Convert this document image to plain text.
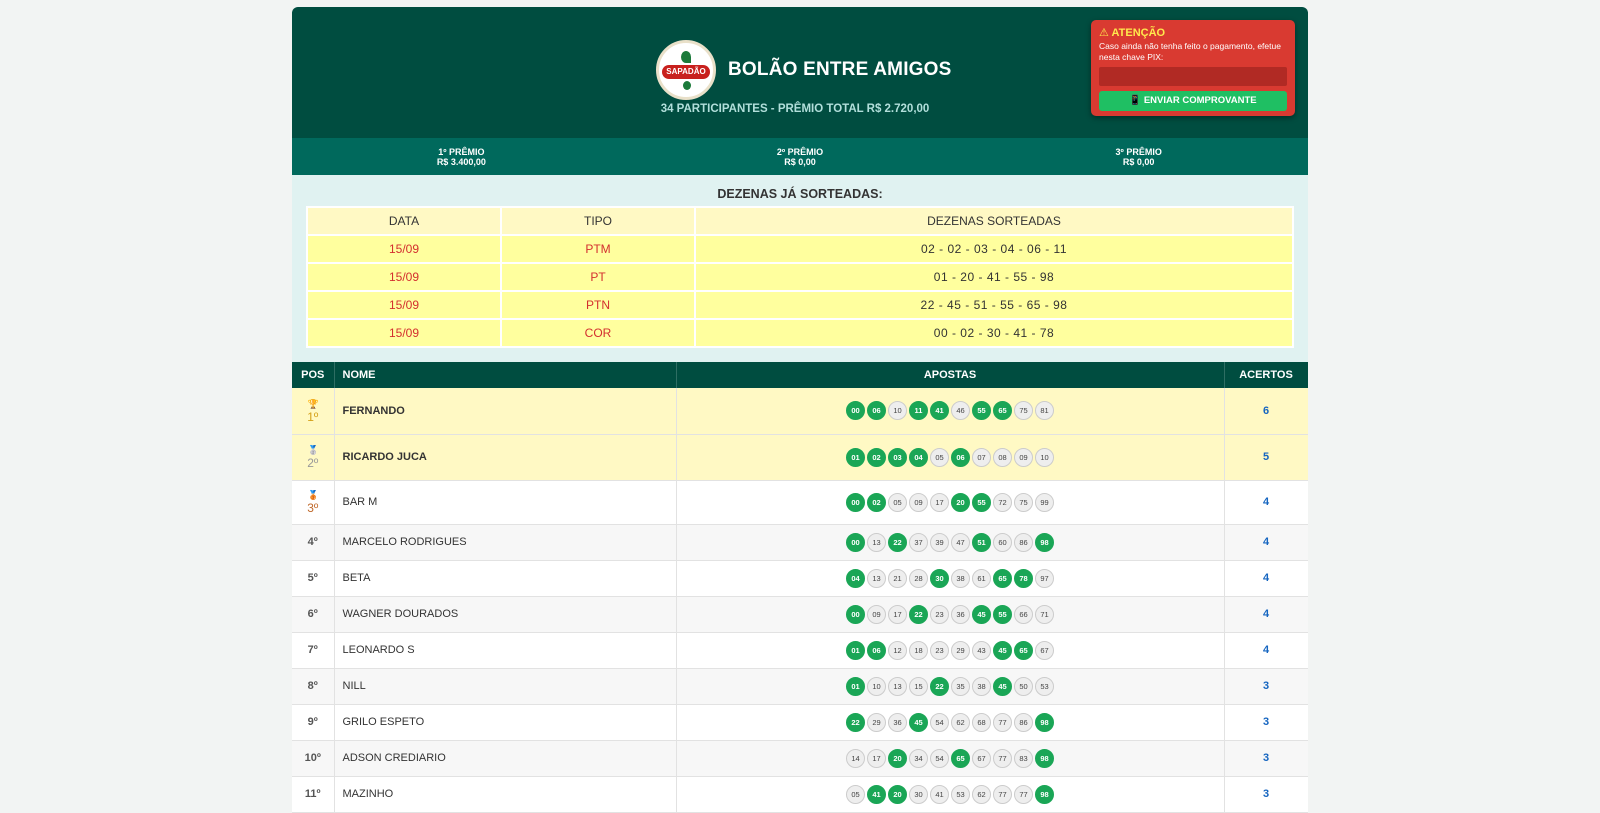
SAPADÃO BOLÃO ENTRE AMIGOS
34 PARTICIPANTES - PRÊMIO TOTAL R$ 2.720,00
⚠ ATENÇÃO
Caso ainda não tenha feito o pagamento, efetue nesta chave PIX:
📱 ENVIAR COMPROVANTE
1º PRÊMIO
R$ 3.400,00
2º PRÊMIO
R$ 0,00
3º PRÊMIO
R$ 0,00
DEZENAS JÁ SORTEADAS:
DATA	TIPO	DEZENAS SORTEADAS
15/09	PTM	02 - 02 - 03 - 04 - 06 - 11
15/09	PT	01 - 20 - 41 - 55 - 98
15/09	PTN	22 - 45 - 51 - 55 - 65 - 98
15/09	COR	00 - 02 - 30 - 41 - 78
POS	NOME	APOSTAS	ACERTOS

🏆
1º	FERNANDO	00 06 10 11 41 46 55 65 75 81	6

🥈
2º	RICARDO JUCA	01 02 03 04 05 06 07 08 09 10	5

🥉
3º	BAR M	00 02 05 09 17 20 55 72 75 99	4
4º	MARCELO RODRIGUES	00 13 22 37 39 47 51 60 86 98	4
5º	BETA	04 13 21 28 30 38 61 65 78 97	4
6º	WAGNER DOURADOS	00 09 17 22 23 36 45 55 66 71	4
7º	LEONARDO S	01 06 12 18 23 29 43 45 65 67	4
8º	NILL	01 10 13 15 22 35 38 45 50 53	3
9º	GRILO ESPETO	22 29 36 45 54 62 68 77 86 98	3
10º	ADSON CREDIARIO	14 17 20 34 54 65 67 77 83 98	3
11º	MAZINHO	05 41 20 30 41 53 62 77 77 98	3
